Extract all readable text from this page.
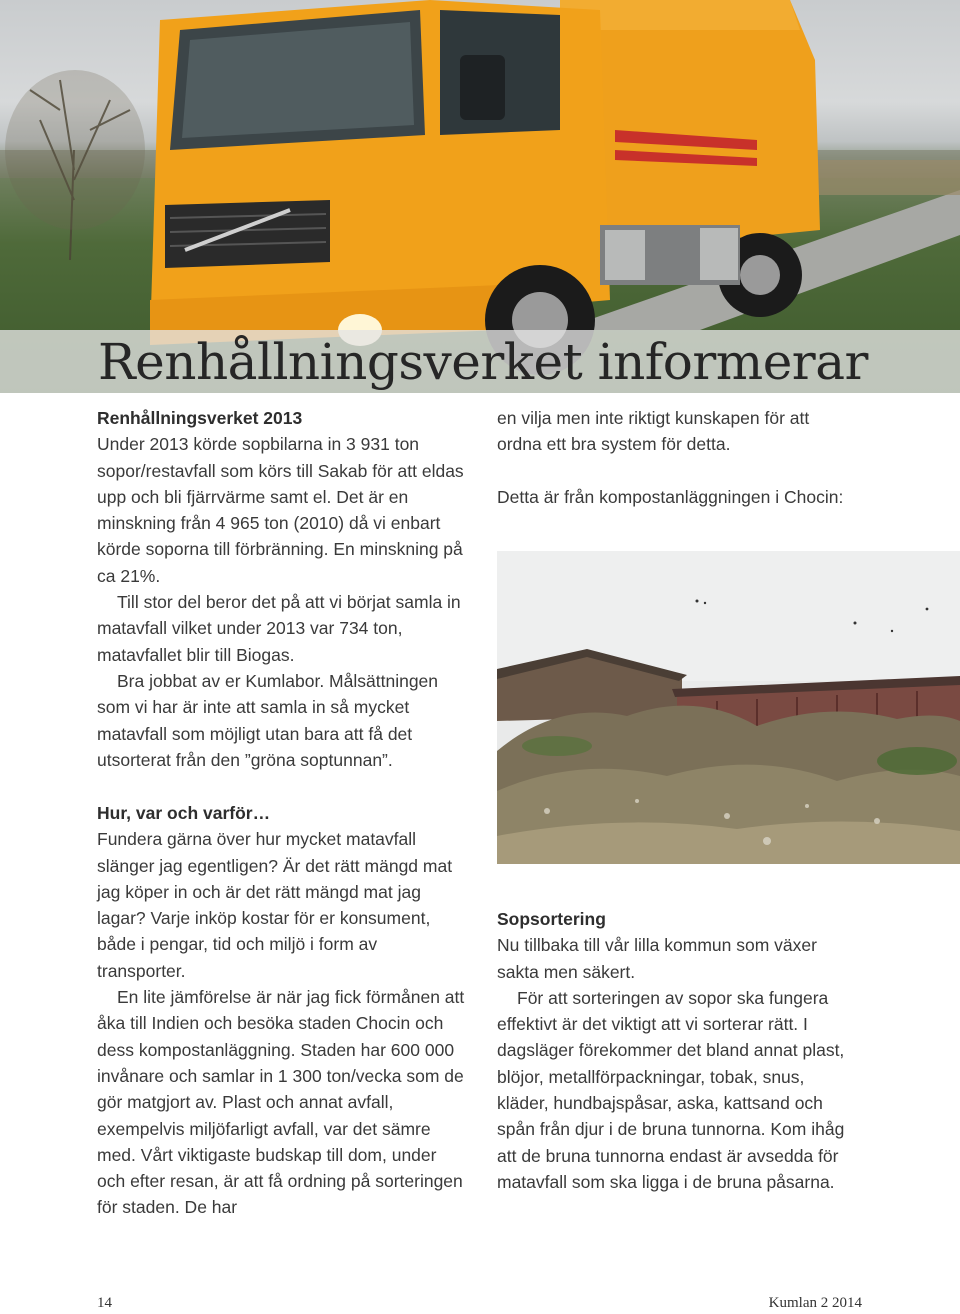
Renhållningsverket informerar
Renhållningsverket 2013

Under 2013 körde sopbilarna in 3 931 ton sopor/restavfall som körs till Sakab för att eldas upp och bli fjärrvärme samt el. Det är en minskning från 4 965 ton (2010) då vi enbart körde soporna till förbränning. En minskning på ca 21%.

Till stor del beror det på att vi börjat samla in matavfall vilket under 2013 var 734 ton, matavfallet blir till Biogas.

Bra jobbat av er Kumlabor. Målsättningen som vi har är inte att samla in så mycket matavfall som möjligt utan bara att få det utsorterat från den ”gröna soptunnan”.

Hur, var och varför…

Fundera gärna över hur mycket matavfall slänger jag egentligen? Är det rätt mängd mat jag köper in och är det rätt mängd mat jag lagar? Varje inköp kostar för er konsument, både i pengar, tid och miljö i form av transporter.

En lite jämförelse är när jag fick förmånen att åka till Indien och besöka staden Chocin och dess kompostanläggning. Staden har 600 000 invånare och samlar in 1 300 ton/vecka som de gör matgjort av. Plast och annat avfall, exempelvis miljöfarligt avfall, var det sämre med. Vårt viktigaste budskap till dom, under och efter resan, är att få ordning på sorteringen för staden. De har

en vilja men inte riktigt kunskapen för att ordna ett bra system för detta.

Detta är från kompostanläggningen i Chocin:

Sopsortering

Nu tillbaka till vår lilla kommun som växer sakta men säkert.

För att sorteringen av sopor ska fungera effektivt är det viktigt att vi sorterar rätt. I dagsläger förekommer det bland annat plast, blöjor, metallförpackningar, tobak, snus, kläder, hundbajspåsar, aska, kattsand och spån från djur i de bruna tunnorna. Kom ihåg att de bruna tunnorna endast är avsedda för matavfall som ska ligga i de bruna påsarna.

14	Kumlan 2 2014
